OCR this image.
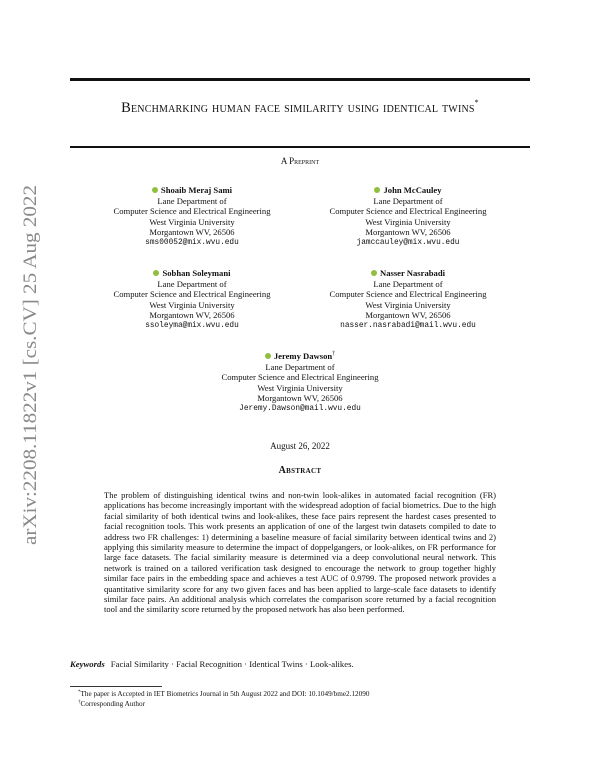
arXiv:2208.11822v1 [cs.CV] 25 Aug 2022
Benchmarking human face similarity using identical twins*
A Preprint
Shoaib Meraj Sami
Lane Department of
Computer Science and Electrical Engineering
West Virginia University
Morgantown WV, 26506
sms00052@mix.wvu.edu
John McCauley
Lane Department of
Computer Science and Electrical Engineering
West Virginia University
Morgantown WV, 26506
jamccauley@mix.wvu.edu
Sobhan Soleymani
Lane Department of
Computer Science and Electrical Engineering
West Virginia University
Morgantown WV, 26506
ssoleyma@mix.wvu.edu
Nasser Nasrabadi
Lane Department of
Computer Science and Electrical Engineering
West Virginia University
Morgantown WV, 26506
nasser.nasrabadi@mail.wvu.edu
Jeremy Dawson†
Lane Department of
Computer Science and Electrical Engineering
West Virginia University
Morgantown WV, 26506
Jeremy.Dawson@mail.wvu.edu
August 26, 2022
Abstract
The problem of distinguishing identical twins and non-twin look-alikes in automated facial recognition (FR) applications has become increasingly important with the widespread adoption of facial biometrics. Due to the high facial similarity of both identical twins and look-alikes, these face pairs represent the hardest cases presented to facial recognition tools. This work presents an application of one of the largest twin datasets compiled to date to address two FR challenges: 1) determining a baseline measure of facial similarity between identical twins and 2) applying this similarity measure to determine the impact of doppelgangers, or look-alikes, on FR performance for large face datasets. The facial similarity measure is determined via a deep convolutional neural network. This network is trained on a tailored verification task designed to encourage the network to group together highly similar face pairs in the embedding space and achieves a test AUC of 0.9799. The proposed network provides a quantitative similarity score for any two given faces and has been applied to large-scale face datasets to identify similar face pairs. An additional analysis which correlates the comparison score returned by a facial recognition tool and the similarity score returned by the proposed network has also been performed.
Keywords Facial Similarity · Facial Recognition · Identical Twins · Look-alikes.
*The paper is Accepted in IET Biometrics Journal in 5th August 2022 and DOI: 10.1049/bme2.12090
†Corresponding Author
